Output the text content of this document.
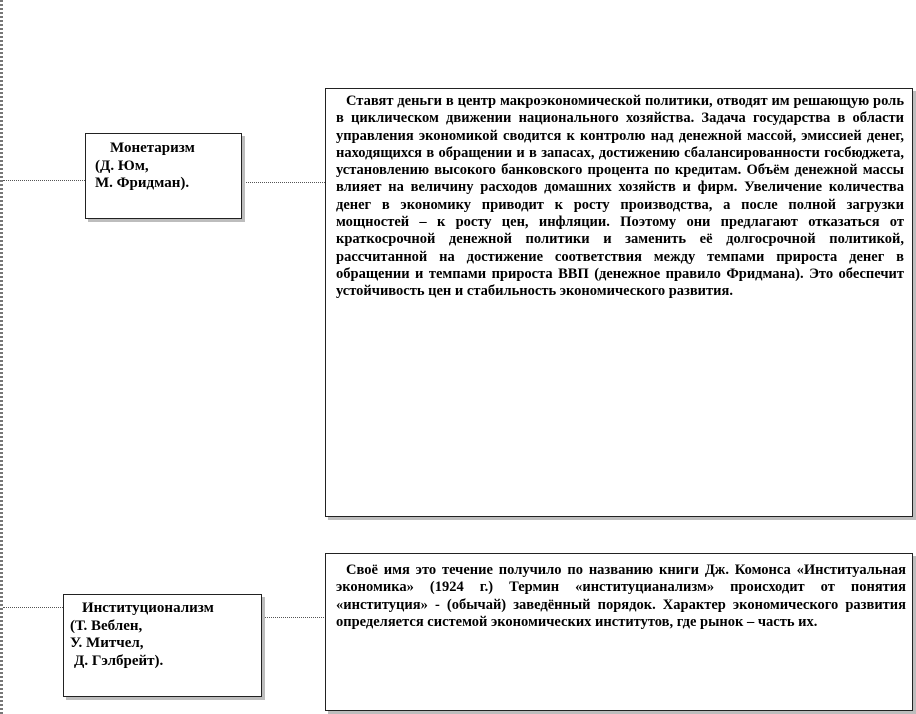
Монетаризм
(Д. Юм,
М. Фридман).

Ставят деньги в центр макроэкономической политики, отводят им решающую роль в циклическом движении национального хозяйства. Задача государства в области управления экономикой сводится к контролю над денежной массой, эмиссией денег, находящихся в обращении и в запасах, достижению сбалансированности госбюджета, установлению высокого банковского процента по кредитам. Объём денежной массы влияет на величину расходов домашних хозяйств и фирм. Увеличение количества денег в экономику приводит к росту производства, а после полной загрузки мощностей – к росту цен, инфляции. Поэтому они предлагают отказаться от краткосрочной денежной политики и заменить её долгосрочной политикой, рассчитанной на достижение соответствия между темпами прироста денег в обращении и темпами прироста ВВП (денежное правило Фридмана). Это обеспечит устойчивость цен и стабильность экономического развития.

Институционализм
(Т. Веблен,
У. Митчел,
Д. Гэлбрейт).

Своё имя это течение получило по названию книги Дж. Комонса «Институальная экономика» (1924 г.) Термин «институцианализм» происходит от понятия «институция» - (обычай) заведённый порядок. Характер экономического развития определяется системой экономических институтов, где рынок – часть их.
